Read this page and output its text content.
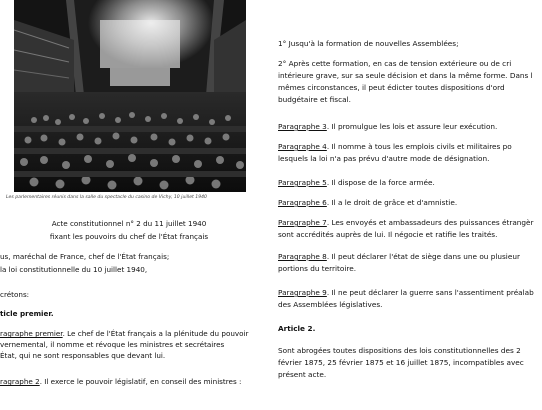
Les parlementaires réunis dans la salle du spectacle du casino de Vichy, 10 juillet 1940
Acte constitutionnel n° 2 du 11 juillet 1940
fixant les pouvoirs du chef de l'État français
us, maréchal de France, chef de l'État français;
la loi constitutionnelle du 10 juillet 1940,
crétons:
ticle premier.
ragraphe premier. Le chef de l'État français a la plénitude du pouvoir
vernemental, il nomme et révoque les ministres et secrétaires
État, qui ne sont responsables que devant lui.
ragraphe 2. Il exerce le pouvoir législatif, en conseil des ministres :
1° Jusqu'à la formation de nouvelles Assemblées;
2° Après cette formation, en cas de tension extérieure ou de cri
intérieure grave, sur sa seule décision et dans la même forme. Dans l
mêmes circonstances, il peut édicter toutes dispositions d'ord
budgétaire et fiscal.
Paragraphe 3. Il promulgue les lois et assure leur exécution.
Paragraphe 4. Il nomme à tous les emplois civils et militaires po
lesquels la loi n'a pas prévu d'autre mode de désignation.
Paragraphe 5. Il dispose de la force armée.
Paragraphe 6. Il a le droit de grâce et d'amnistie.
Paragraphe 7. Les envoyés et ambassadeurs des puissances étrangèr
sont accrédités auprès de lui. Il négocie et ratifie les traités.
Paragraphe 8. Il peut déclarer l'état de siège dans une ou plusieur
portions du territoire.
Paragraphe 9. Il ne peut déclarer la guerre sans l'assentiment préalab
des Assemblées législatives.
Article 2.
Sont abrogées toutes dispositions des lois constitutionnelles des 2
février 1875, 25 février 1875 et 16 juillet 1875, incompatibles avec
présent acte.
